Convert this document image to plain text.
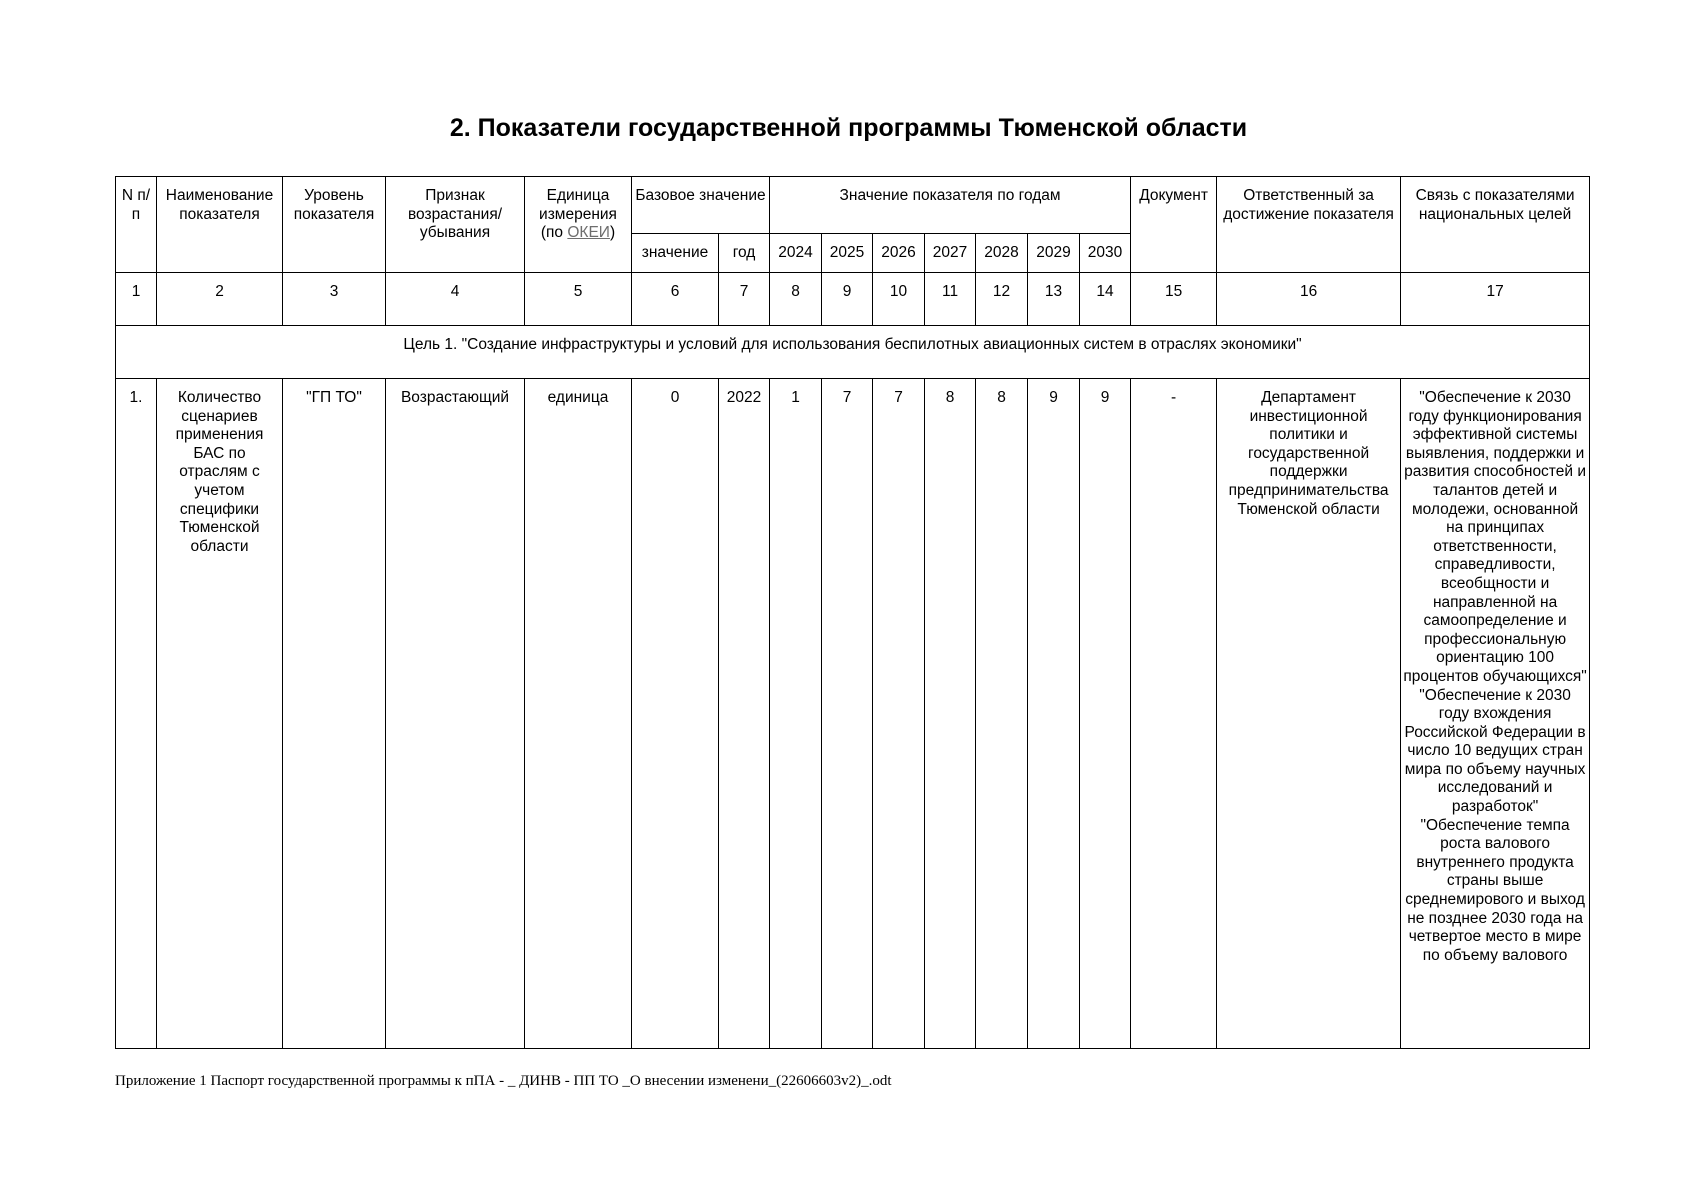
2. Показатели государственной программы Тюменской области
N п/п	Наименование показателя	Уровень показателя	Признак возрастания/ убывания	Единица измерения (по ОКЕИ)	Базовое значение		Значение показателя по годам							Документ	Ответственный за достижение показателя	Связь с показателями национальных целей
					значение	год	2024	2025	2026	2027	2028	2029	2030			
1	2	3	4	5	6	7	8	9	10	11	12	13	14	15	16	17
Цель 1. "Создание инфраструктуры и условий для использования беспилотных авиационных систем в отраслях экономики"																
1.	Количество сценариев применения БАС по отраслям с учетом специфики Тюменской области	"ГП ТО"	Возрастающий	единица	0	2022	1	7	7	8	8	9	9	-	Департамент инвестиционной политики и государственной поддержки предпринимательства Тюменской области	"Обеспечение к 2030 году функционирования эффективной системы выявления, поддержки и развития способностей и талантов детей и молодежи, основанной на принципах ответственности, справедливости, всеобщности и направленной на самоопределение и профессиональную ориентацию 100 процентов обучающихся" "Обеспечение к 2030 году вхождения Российской Федерации в число 10 ведущих стран мира по объему научных исследований и разработок" "Обеспечение темпа роста валового внутреннего продукта страны выше среднемирового и выход не позднее 2030 года на четвертое место в мире по объему валового
Приложение 1 Паспорт государственной программы к пПА - _ ДИНВ - ПП ТО _О внесении изменени_(22606603v2)_.odt
